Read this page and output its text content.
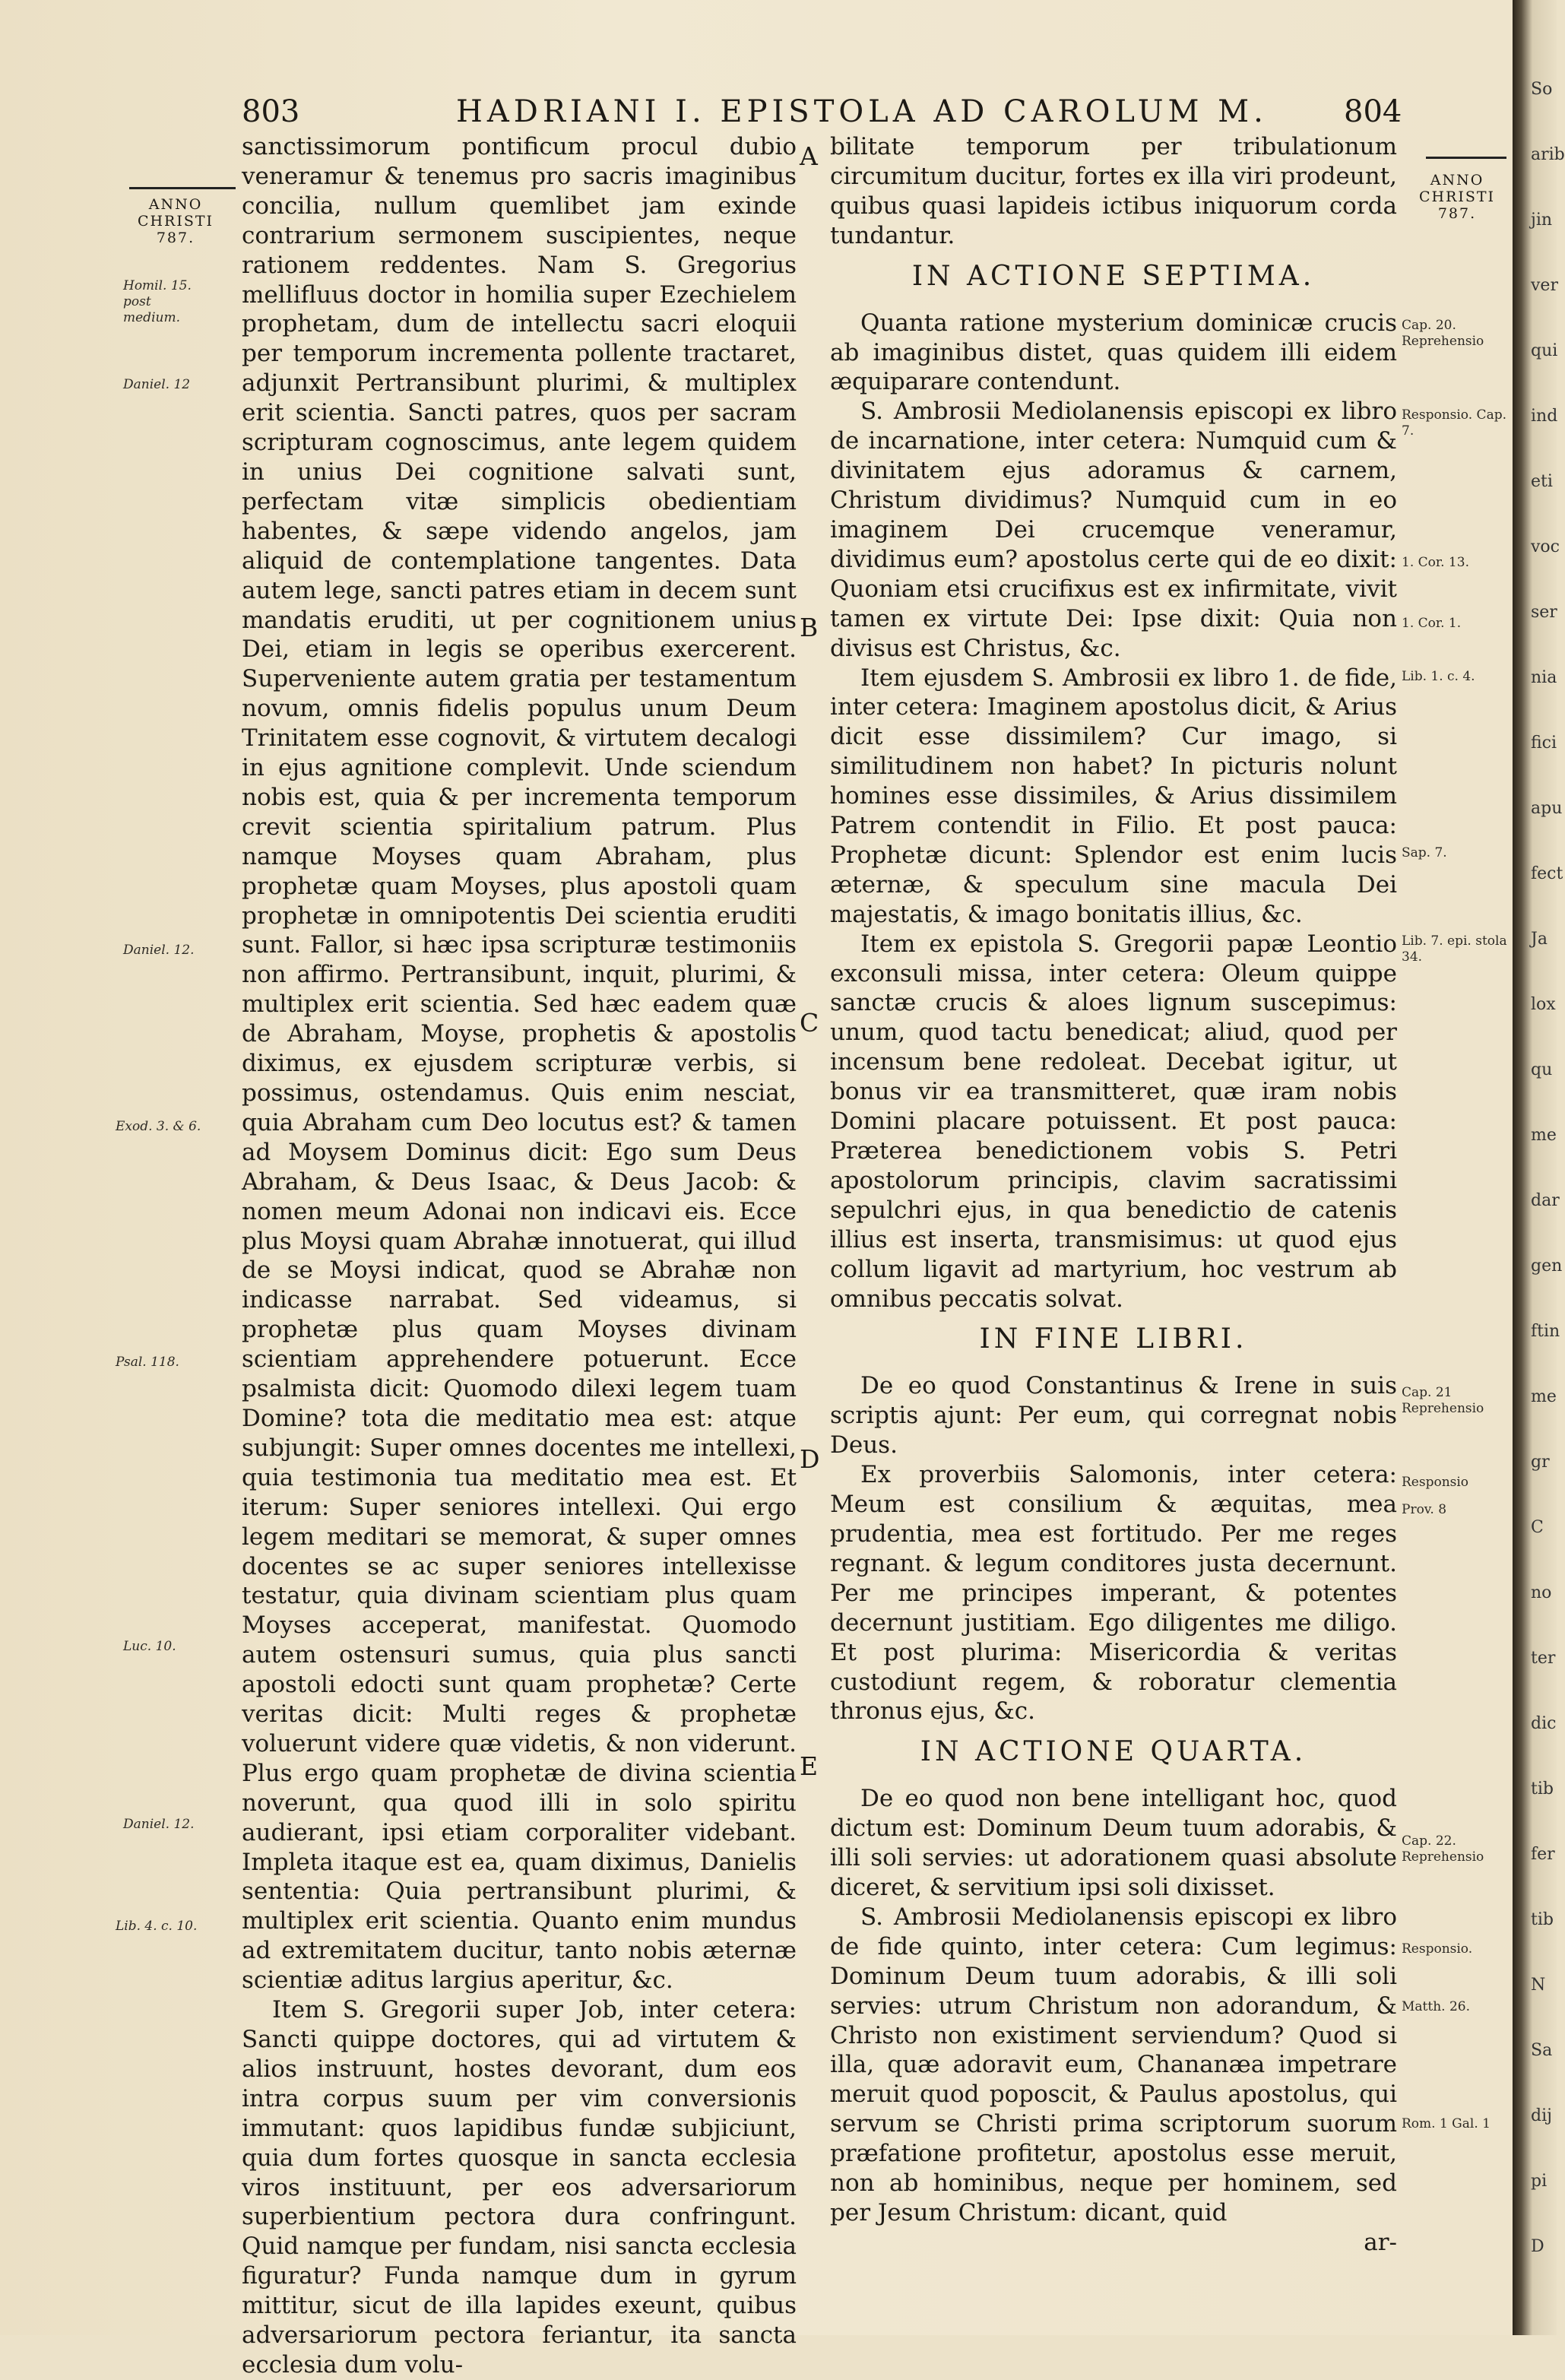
803	HADRIANI I. EPISTOLA AD CAROLUM M.	804
ANNO
CHRISTI
787.
ANNO
CHRISTI
787.
Homil. 15. post medium.
Daniel. 12
Daniel. 12.
Exod. 3. & 6.
Psal. 118.
Luc. 10.
Daniel. 12.
Lib. 4. c. 10.
A
B
C
D
E

sanctissimorum pontificum procul dubio veneramur & tenemus pro sacris imaginibus concilia, nullum quemlibet jam exinde contrarium sermonem suscipientes, neque rationem reddentes. Nam S. Gregorius mellifluus doctor in homilia super Ezechielem prophetam, dum de intellectu sacri eloquii per temporum incrementa pollente tractaret, adjunxit Pertransibunt plurimi, & multiplex erit scientia. Sancti patres, quos per sacram scripturam cognoscimus, ante legem quidem in unius Dei cognitione salvati sunt, perfectam vitæ simplicis obedientiam habentes, & sæpe videndo angelos, jam aliquid de contemplatione tangentes. Data autem lege, sancti patres etiam in decem sunt mandatis eruditi, ut per cognitionem unius Dei, etiam in legis se operibus exercerent. Superveniente autem gratia per testamentum novum, omnis fidelis populus unum Deum Trinitatem esse cognovit, & virtutem decalogi in ejus agnitione complevit. Unde sciendum nobis est, quia & per incrementa temporum crevit scientia spiritalium patrum. Plus namque Moyses quam Abraham, plus prophetæ quam Moyses, plus apostoli quam prophetæ in omnipotentis Dei scientia eruditi sunt. Fallor, si hæc ipsa scripturæ testimoniis non affirmo. Pertransibunt, inquit, plurimi, & multiplex erit scientia. Sed hæc eadem quæ de Abraham, Moyse, prophetis & apostolis diximus, ex ejusdem scripturæ verbis, si possimus, ostendamus. Quis enim nesciat, quia Abraham cum Deo locutus est? & tamen ad Moysem Dominus dicit: Ego sum Deus Abraham, & Deus Isaac, & Deus Jacob: & nomen meum Adonai non indicavi eis. Ecce plus Moysi quam Abrahæ innotuerat, qui illud de se Moysi indicat, quod se Abrahæ non indicasse narrabat. Sed videamus, si prophetæ plus quam Moyses divinam scientiam apprehendere potuerunt. Ecce psalmista dicit: Quomodo dilexi legem tuam Domine? tota die meditatio mea est: atque subjungit: Super omnes docentes me intellexi, quia testimonia tua meditatio mea est. Et iterum: Super seniores intellexi. Qui ergo legem meditari se memorat, & super omnes docentes se ac super seniores intellexisse testatur, quia divinam scientiam plus quam Moyses acceperat, manifestat. Quomodo autem ostensuri sumus, quia plus sancti apostoli edocti sunt quam prophetæ? Certe veritas dicit: Multi reges & prophetæ voluerunt videre quæ videtis, & non viderunt. Plus ergo quam prophetæ de divina scientia noverunt, qua quod illi in solo spiritu audierant, ipsi etiam corporaliter videbant. Impleta itaque est ea, quam diximus, Danielis sententia: Quia pertransibunt plurimi, & multiplex erit scientia. Quanto enim mundus ad extremitatem ducitur, tanto nobis æternæ scientiæ aditus largius aperitur, &c.

Item S. Gregorii super Job, inter cetera: Sancti quippe doctores, qui ad virtutem & alios instruunt, hostes devorant, dum eos intra corpus suum per vim conversionis immutant: quos lapidibus fundæ subjiciunt, quia dum fortes quosque in sancta ecclesia viros instituunt, per eos adversariorum superbientium pectora dura confringunt. Quid namque per fundam, nisi sancta ecclesia figuratur? Funda namque dum in gyrum mittitur, sicut de illa lapides exeunt, quibus adversariorum pectora feriantur, ita sancta ecclesia dum volu-

bilitate temporum per tribulationum circumitum ducitur, fortes ex illa viri prodeunt, quibus quasi lapideis ictibus iniquorum corda tundantur.

IN ACTIONE SEPTIMA.

Quanta ratione mysterium dominicæ crucis ab imaginibus distet, quas quidem illi eidem æquiparare contendunt.

S. Ambrosii Mediolanensis episcopi ex libro de incarnatione, inter cetera: Numquid cum & divinitatem ejus adoramus & carnem, Christum dividimus? Numquid cum in eo imaginem Dei crucemque veneramur, dividimus eum? apostolus certe qui de eo dixit: Quoniam etsi crucifixus est ex infirmitate, vivit tamen ex virtute Dei: Ipse dixit: Quia non divisus est Christus, &c.

Item ejusdem S. Ambrosii ex libro 1. de fide, inter cetera: Imaginem apostolus dicit, & Arius dicit esse dissimilem? Cur imago, si similitudinem non habet? In picturis nolunt homines esse dissimiles, & Arius dissimilem Patrem contendit in Filio. Et post pauca: Prophetæ dicunt: Splendor est enim lucis æternæ, & speculum sine macula Dei majestatis, & imago bonitatis illius, &c.

Item ex epistola S. Gregorii papæ Leontio exconsuli missa, inter cetera: Oleum quippe sanctæ crucis & aloes lignum suscepimus: unum, quod tactu benedicat; aliud, quod per incensum bene redoleat. Decebat igitur, ut bonus vir ea transmitteret, quæ iram nobis Domini placare potuissent. Et post pauca: Præterea benedictionem vobis S. Petri apostolorum principis, clavim sacratissimi sepulchri ejus, in qua benedictio de catenis illius est inserta, transmisimus: ut quod ejus collum ligavit ad martyrium, hoc vestrum ab omnibus peccatis solvat.

IN FINE LIBRI.

De eo quod Constantinus & Irene in suis scriptis ajunt: Per eum, qui corregnat nobis Deus.

Ex proverbiis Salomonis, inter cetera: Meum est consilium & æquitas, mea prudentia, mea est fortitudo. Per me reges regnant. & legum conditores justa decernunt. Per me principes imperant, & potentes decernunt justitiam. Ego diligentes me diligo. Et post plurima: Misericordia & veritas custodiunt regem, & roboratur clementia thronus ejus, &c.

IN ACTIONE QUARTA.

De eo quod non bene intelligant hoc, quod dictum est: Dominum Deum tuum adorabis, & illi soli servies: ut adorationem quasi absolute diceret, & servitium ipsi soli dixisset.

S. Ambrosii Mediolanensis episcopi ex libro de fide quinto, inter cetera: Cum legimus: Dominum Deum tuum adorabis, & illi soli servies: utrum Christum non adorandum, & Christo non existiment serviendum? Quod si illa, quæ adoravit eum, Chananæa impetrare meruit quod poposcit, & Paulus apostolus, qui servum se Christi prima scriptorum suorum præfatione profitetur, apostolus esse meruit, non ab hominibus, neque per hominem, sed per Jesum Christum: dicant, quid

ar-

Cap. 20. Reprehensio
Responsio. Cap. 7.
1. Cor. 13.
1. Cor. 1.
Lib. 1. c. 4.
Sap. 7.
Lib. 7. epi. stola 34.
Cap. 21 Reprehensio
Responsio
Prov. 8
Cap. 22. Reprehensio
Responsio.
Matth. 26.
Rom. 1 Gal. 1
So
arib
jin
ver
qui
ind
eti
voc
ser
nia
fici
apu
fect
Ja
lox
qu
me
dar
gen
ftin
me
gr
C
no
ter
dic
tib
fer
tib
N
Sa
dij
pi
D
